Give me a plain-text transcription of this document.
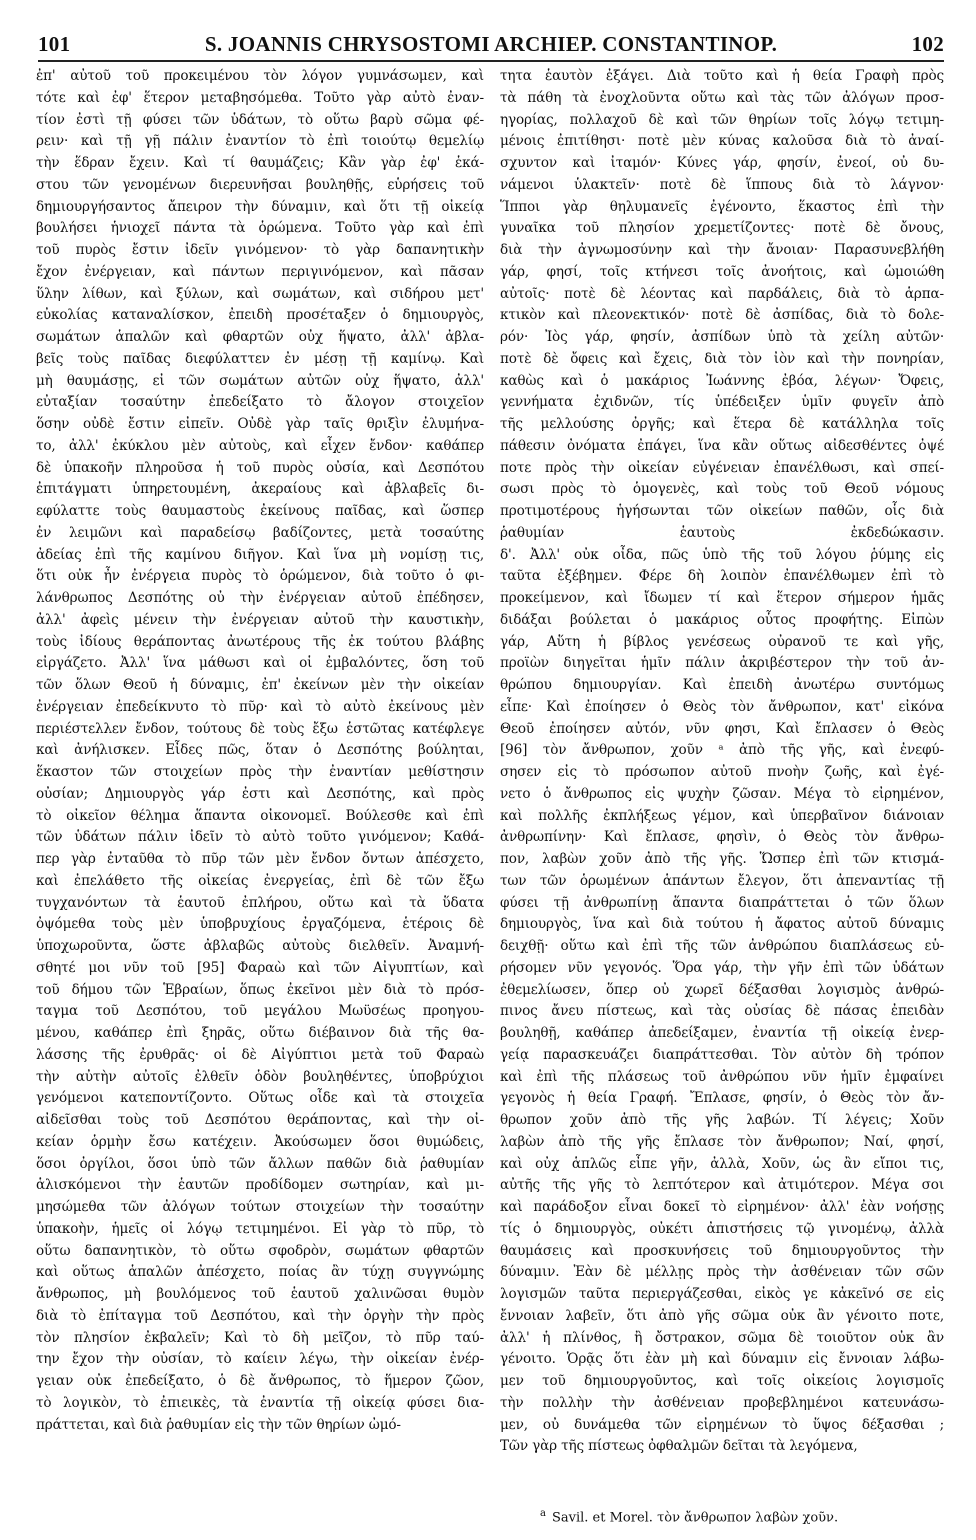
101	S. JOANNIS CHRYSOSTOMI ARCHIEP. CONSTANTINOP.	102
ἐπ' αὐτοῦ τοῦ προκειμένου τὸν λόγον γυμνάσωμεν, καὶ
τότε καὶ ἐφ' ἕτερον μεταβησόμεθα. Τοῦτο γὰρ αὐτὸ ἐναν-
τίον ἐστὶ τῇ φύσει τῶν ὑδάτων, τὸ οὕτω βαρὺ σῶμα φέ-
ρειν· καὶ τῇ γῇ πάλιν ἐναντίον τὸ ἐπὶ τοιούτῳ θεμελίῳ
τὴν ἕδραν ἔχειν. Καὶ τί θαυμάζεις; Κἂν γὰρ ἐφ' ἑκά-
στου τῶν γενομένων διερευνῆσαι βουληθῇς, εὑρήσεις τοῦ
δημιουργήσαντος ἄπειρον τὴν δύναμιν, καὶ ὅτι τῇ οἰκείᾳ
βουλήσει ἡνιοχεῖ πάντα τὰ ὁρώμενα. Τοῦτο γὰρ καὶ ἐπὶ
τοῦ πυρὸς ἔστιν ἰδεῖν γινόμενον· τὸ γὰρ δαπανητικὴν
ἔχον ἐνέργειαν, καὶ πάντων περιγινόμενον, καὶ πᾶσαν
ὕλην λίθων, καὶ ξύλων, καὶ σωμάτων, καὶ σιδήρου μετ'
εὐκολίας καταναλίσκον, ἐπειδὴ προσέταξεν ὁ δημιουργὸς,
σωμάτων ἁπαλῶν καὶ φθαρτῶν οὐχ ἥψατο, ἀλλ' ἀβλα-
βεῖς τοὺς παῖδας διεφύλαττεν ἐν μέσῃ τῇ καμίνῳ. Καὶ
μὴ θαυμάσῃς, εἰ τῶν σωμάτων αὐτῶν οὐχ ἥψατο, ἀλλ'
εὐταξίαν τοσαύτην ἐπεδείξατο τὸ ἄλογον στοιχεῖον
ὅσην οὐδὲ ἔστιν εἰπεῖν. Οὐδὲ γὰρ ταῖς θριξὶν ἐλυμήνα-
το, ἀλλ' ἐκύκλου μὲν αὐτοὺς, καὶ εἶχεν ἔνδον· καθάπερ
δὲ ὑπακοῆν πληροῦσα ἡ τοῦ πυρὸς οὐσία, καὶ Δεσπότου
ἐπιτάγματι ὑπηρετουμένη, ἀκεραίους καὶ ἀβλαβεῖς δι-
εφύλαττε τοὺς θαυμαστοὺς ἐκείνους παῖδας, καὶ ὥσπερ
ἐν λειμῶνι καὶ παραδείσῳ βαδίζοντες, μετὰ τοσαύτης
ἀδείας ἐπὶ τῆς καμίνου διῆγον. Καὶ ἵνα μὴ νομίσῃ τις,
ὅτι οὐκ ἦν ἐνέργεια πυρὸς τὸ ὁρώμενον, διὰ τοῦτο ὁ φι-
λάνθρωπος Δεσπότης οὐ τὴν ἐνέργειαν αὐτοῦ ἐπέδησεν,
ἀλλ' ἀφεὶς μένειν τὴν ἐνέργειαν αὐτοῦ τὴν καυστικὴν,
τοὺς ἰδίους θεράποντας ἀνωτέρους τῆς ἐκ τούτου βλάβης
εἰργάζετο. Ἀλλ' ἵνα μάθωσι καὶ οἱ ἐμβαλόντες, ὅση τοῦ
τῶν ὅλων Θεοῦ ἡ δύναμις, ἐπ' ἐκείνων μὲν τὴν οἰκείαν
ἐνέργειαν ἐπεδείκνυτο τὸ πῦρ· καὶ τὸ αὐτὸ ἐκείνους μὲν
περιέστελλεν ἔνδον, τούτους δὲ τοὺς ἔξω ἑστῶτας κατέφλεγε
καὶ ἀνήλισκεν. Εἶδες πῶς, ὅταν ὁ Δεσπότης βούληται,
ἕκαστον τῶν στοιχείων πρὸς τὴν ἐναντίαν μεθίστησιν
οὐσίαν; Δημιουργὸς γάρ ἐστι καὶ Δεσπότης, καὶ πρὸς
τὸ οἰκεῖον θέλημα ἅπαντα οἰκονομεῖ. Βούλεσθε καὶ ἐπὶ
τῶν ὑδάτων πάλιν ἰδεῖν τὸ αὐτὸ τοῦτο γινόμενον; Καθά-
περ γὰρ ἐνταῦθα τὸ πῦρ τῶν μὲν ἔνδον ὄντων ἀπέσχετο,
καὶ ἐπελάθετο τῆς οἰκείας ἐνεργείας, ἐπὶ δὲ τῶν ἔξω
τυγχανόντων τὰ ἑαυτοῦ ἐπλήρου, οὕτω καὶ τὰ ὕδατα
ὀψόμεθα τοὺς μὲν ὑποβρυχίους ἐργαζόμενα, ἑτέροις δὲ
ὑποχωροῦντα, ὥστε ἀβλαβῶς αὐτοὺς διελθεῖν. Ἀναμνή-
σθητέ μοι νῦν τοῦ [95] Φαραὼ καὶ τῶν Αἰγυπτίων, καὶ
τοῦ δήμου τῶν Ἑβραίων, ὅπως ἐκεῖνοι μὲν διὰ τὸ πρόσ-
ταγμα τοῦ Δεσπότου, τοῦ μεγάλου Μωϋσέως προηγου-
μένου, καθάπερ ἐπὶ ξηρᾶς, οὕτω διέβαινον διὰ τῆς θα-
λάσσης τῆς ἐρυθρᾶς· οἱ δὲ Αἰγύπτιοι μετὰ τοῦ Φαραὼ
τὴν αὐτὴν αὐτοῖς ἐλθεῖν ὁδὸν βουληθέντες, ὑποβρύχιοι
γενόμενοι κατεποντίζοντο. Οὕτως οἶδε καὶ τὰ στοιχεῖα
αἰδεῖσθαι τοὺς τοῦ Δεσπότου θεράποντας, καὶ τὴν οἰ-
κείαν ὁρμὴν ἔσω κατέχειν. Ἀκούσωμεν ὅσοι θυμώδεις,
ὅσοι ὀργίλοι, ὅσοι ὑπὸ τῶν ἄλλων παθῶν διὰ ῥαθυμίαν
ἁλισκόμενοι τὴν ἑαυτῶν προδίδομεν σωτηρίαν, καὶ μι-
μησώμεθα τῶν ἀλόγων τούτων στοιχείων τὴν τοσαύτην
ὑπακοὴν, ἡμεῖς οἱ λόγῳ τετιμημένοι. Εἰ γὰρ τὸ πῦρ, τὸ
οὕτω δαπανητικὸν, τὸ οὕτω σφοδρὸν, σωμάτων φθαρτῶν
καὶ οὕτως ἁπαλῶν ἀπέσχετο, ποίας ἂν τύχῃ συγγνώμης
ἄνθρωπος, μὴ βουλόμενος τοῦ ἑαυτοῦ χαλινῶσαι θυμὸν
διὰ τὸ ἐπίταγμα τοῦ Δεσπότου, καὶ τὴν ὀργὴν τὴν πρὸς
τὸν πλησίον ἐκβαλεῖν; Καὶ τὸ δὴ μεῖζον, τὸ πῦρ ταύ-
την ἔχον τὴν οὐσίαν, τὸ καίειν λέγω, τὴν οἰκείαν ἐνέρ-
γειαν οὐκ ἐπεδείξατο, ὁ δὲ ἄνθρωπος, τὸ ἥμερον ζῶον,
τὸ λογικὸν, τὸ ἐπιεικὲς, τὰ ἐναντία τῇ οἰκείᾳ φύσει δια-
πράττεται, καὶ διὰ ῥαθυμίαν εἰς τὴν τῶν θηρίων ὠμό-
τητα ἑαυτὸν ἐξάγει. Διὰ τοῦτο καὶ ἡ θεία Γραφὴ πρὸς
τὰ πάθη τὰ ἐνοχλοῦντα οὕτω καὶ τὰς τῶν ἀλόγων προσ-
ηγορίας, πολλαχοῦ δὲ καὶ τῶν θηρίων τοῖς λόγῳ τετιμη-
μένοις ἐπιτίθησι· ποτὲ μὲν κύνας καλοῦσα διὰ τὸ ἀναί-
σχυντον καὶ ἰταμόν· Κύνες γάρ, φησίν, ἐνεοί, οὐ δυ-
νάμενοι ὑλακτεῖν· ποτὲ δὲ ἵππους διὰ τὸ λάγνον·
Ἵπποι γὰρ θηλυμανεῖς ἐγένοντο, ἕκαστος ἐπὶ τὴν
γυναῖκα τοῦ πλησίον χρεμετίζοντες· ποτὲ δὲ ὄνους,
διὰ τὴν ἀγνωμοσύνην καὶ τὴν ἄνοιαν· Παρασυνεβλήθη
γάρ, φησί, τοῖς κτήνεσι τοῖς ἀνοήτοις, καὶ ὡμοιώθη
αὐτοῖς· ποτὲ δὲ λέοντας καὶ παρδάλεις, διὰ τὸ ἁρπα-
κτικὸν καὶ πλεονεκτικόν· ποτὲ δὲ ἀσπίδας, διὰ τὸ δολε-
ρόν· Ἰὸς γάρ, φησίν, ἀσπίδων ὑπὸ τὰ χείλη αὐτῶν·
ποτὲ δὲ ὄφεις καὶ ἔχεις, διὰ τὸν ἰὸν καὶ τὴν πονηρίαν,
καθὼς καὶ ὁ μακάριος Ἰωάννης ἐβόα, λέγων· Ὄφεις,
γεννήματα ἐχιδνῶν, τίς ὑπέδειξεν ὑμῖν φυγεῖν ἀπὸ
τῆς μελλούσης ὀργῆς; καὶ ἕτερα δὲ κατάλληλα τοῖς
πάθεσιν ὀνόματα ἐπάγει, ἵνα κἂν οὕτως αἰδεσθέντες ὀψέ
ποτε πρὸς τὴν οἰκείαν εὐγένειαν ἐπανέλθωσι, καὶ σπεί-
σωσι πρὸς τὸ ὁμογενὲς, καὶ τοὺς τοῦ Θεοῦ νόμους
προτιμοτέρους ἡγήσωνται τῶν οἰκείων παθῶν, οἷς διὰ
ῥαθυμίαν ἑαυτοὺς ἐκδεδώκασιν.
δ'. Ἀλλ' οὐκ οἶδα, πῶς ὑπὸ τῆς τοῦ λόγου ῥύμης εἰς
ταῦτα ἐξέβημεν. Φέρε δὴ λοιπὸν ἐπανέλθωμεν ἐπὶ τὸ
προκείμενον, καὶ ἴδωμεν τί καὶ ἕτερον σήμερον ἡμᾶς
διδάξαι βούλεται ὁ μακάριος οὗτος προφήτης. Εἰπὼν
γάρ, Αὕτη ἡ βίβλος γενέσεως οὐρανοῦ τε καὶ γῆς,
προϊὼν διηγεῖται ἡμῖν πάλιν ἀκριβέστερον τὴν τοῦ ἀν-
θρώπου δημιουργίαν. Καὶ ἐπειδὴ ἀνωτέρω συντόμως
εἶπε· Καὶ ἐποίησεν ὁ Θεὸς τὸν ἄνθρωπον, κατ' εἰκόνα
Θεοῦ ἐποίησεν αὐτόν, νῦν φησι, Καὶ ἔπλασεν ὁ Θεὸς
[96] τὸν ἄνθρωπον, χοῦν ᵃ ἀπὸ τῆς γῆς, καὶ ἐνεφύ-
σησεν εἰς τὸ πρόσωπον αὐτοῦ πνοὴν ζωῆς, καὶ ἐγέ-
νετο ὁ ἄνθρωπος εἰς ψυχὴν ζῶσαν. Μέγα τὸ εἰρημένον,
καὶ πολλῆς ἐκπλήξεως γέμον, καὶ ὑπερβαῖνον διάνοιαν
ἀνθρωπίνην· Καὶ ἔπλασε, φησὶν, ὁ Θεὸς τὸν ἄνθρω-
πον, λαβὼν χοῦν ἀπὸ τῆς γῆς. Ὥσπερ ἐπὶ τῶν κτισμά-
των τῶν ὁρωμένων ἁπάντων ἔλεγον, ὅτι ἀπεναντίας τῇ
φύσει τῇ ἀνθρωπίνῃ ἅπαντα διαπράττεται ὁ τῶν ὅλων
δημιουργὸς, ἵνα καὶ διὰ τούτου ἡ ἄφατος αὐτοῦ δύναμις
δειχθῇ· οὕτω καὶ ἐπὶ τῆς τῶν ἀνθρώπου διαπλάσεως εὑ-
ρήσομεν νῦν γεγονός. Ὅρα γάρ, τὴν γῆν ἐπὶ τῶν ὑδάτων
ἐθεμελίωσεν, ὅπερ οὐ χωρεῖ δέξασθαι λογισμὸς ἀνθρώ-
πινος ἄνευ πίστεως, καὶ τὰς οὐσίας δὲ πάσας ἐπειδὰν
βουληθῇ, καθάπερ ἀπεδείξαμεν, ἐναντία τῇ οἰκείᾳ ἐνερ-
γείᾳ παρασκευάζει διαπράττεσθαι. Τὸν αὐτὸν δὴ τρόπον
καὶ ἐπὶ τῆς πλάσεως τοῦ ἀνθρώπου νῦν ἡμῖν ἐμφαίνει
γεγονὸς ἡ θεία Γραφή. Ἔπλασε, φησίν, ὁ Θεὸς τὸν ἄν-
θρωπον χοῦν ἀπὸ τῆς γῆς λαβών. Τί λέγεις; Χοῦν
λαβὼν ἀπὸ τῆς γῆς ἔπλασε τὸν ἄνθρωπον; Ναί, φησί,
καὶ οὐχ ἁπλῶς εἶπε γῆν, ἀλλὰ, Χοῦν, ὡς ἂν εἴποι τις,
αὐτῆς τῆς γῆς τὸ λεπτότερον καὶ ἀτιμότερον. Μέγα σοι
καὶ παράδοξον εἶναι δοκεῖ τὸ εἰρημένον· ἀλλ' ἐὰν νοήσῃς
τίς ὁ δημιουργὸς, οὐκέτι ἀπιστήσεις τῷ γινομένῳ, ἀλλὰ
θαυμάσεις καὶ προσκυνήσεις τοῦ δημιουργοῦντος τὴν
δύναμιν. Ἐὰν δὲ μέλλῃς πρὸς τὴν ἀσθένειαν τῶν σῶν
λογισμῶν ταῦτα περιεργάζεσθαι, εἰκὸς γε κἀκεῖνό σε εἰς
ἔννοιαν λαβεῖν, ὅτι ἀπὸ γῆς σῶμα οὐκ ἂν γένοιτο ποτε,
ἀλλ' ἡ πλίνθος, ἢ ὄστρακον, σῶμα δὲ τοιοῦτον οὐκ ἂν
γένοιτο. Ὁρᾷς ὅτι ἐὰν μὴ καὶ δύναμιν εἰς ἔννοιαν λάβω-
μεν τοῦ δημιουργοῦντος, καὶ τοῖς οἰκείοις λογισμοῖς
τὴν πολλὴν τὴν ἀσθένειαν προβεβλημένοι κατευνάσω-
μεν, οὐ δυνάμεθα τῶν εἰρημένων τὸ ὕψος δέξασθαι ;
Τῶν γὰρ τῆς πίστεως ὀφθαλμῶν δεῖται τὰ λεγόμενα,
$^a$ Savil. et Morel. τὸν ἄνθρωπον λαβὼν χοῦν.
